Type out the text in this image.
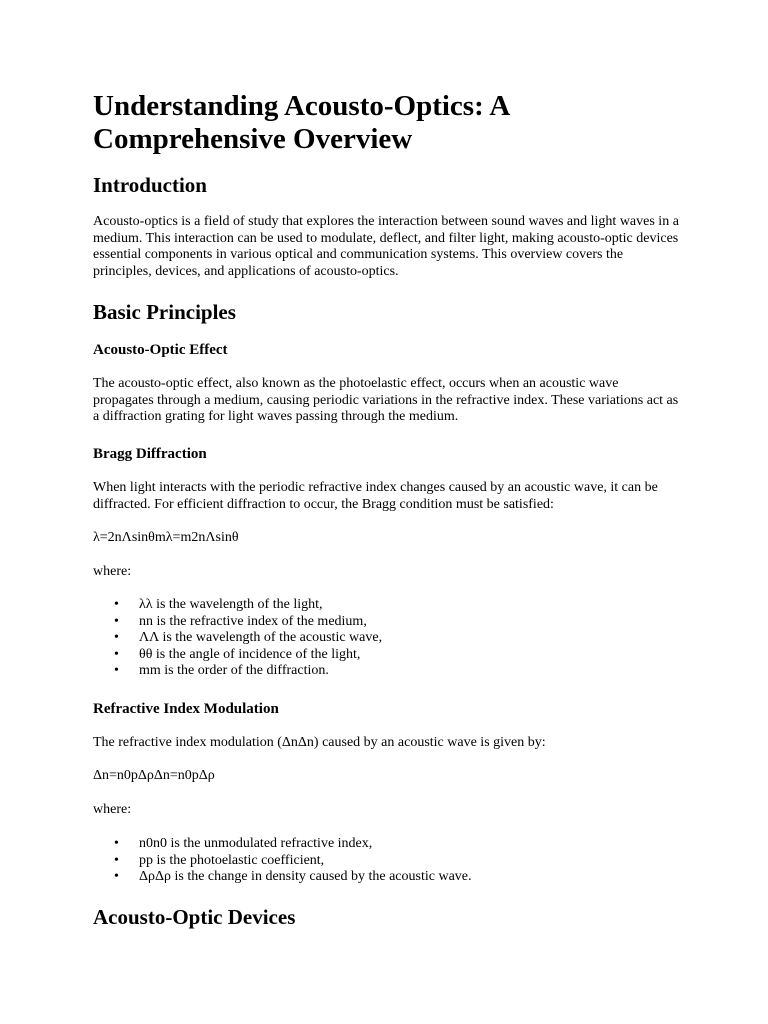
Understanding Acousto-Optics: A Comprehensive Overview
Introduction

Acousto-optics is a field of study that explores the interaction between sound waves and light waves in a medium. This interaction can be used to modulate, deflect, and filter light, making acousto-optic devices essential components in various optical and communication systems. This overview covers the principles, devices, and applications of acousto-optics.

Basic Principles
Acousto-Optic Effect

The acousto-optic effect, also known as the photoelastic effect, occurs when an acoustic wave propagates through a medium, causing periodic variations in the refractive index. These variations act as a diffraction grating for light waves passing through the medium.

Bragg Diffraction

When light interacts with the periodic refractive index changes caused by an acoustic wave, it can be diffracted. For efficient diffraction to occur, the Bragg condition must be satisfied:

λ=2nΛsinθmλ=m2nΛsinθ

where:

• λλ is the wavelength of the light,
• nn is the refractive index of the medium,
• ΛΛ is the wavelength of the acoustic wave,
• θθ is the angle of incidence of the light,
• mm is the order of the diffraction.
Refractive Index Modulation

The refractive index modulation (ΔnΔn) caused by an acoustic wave is given by:

Δn=n0pΔρΔn=n0pΔρ

where:

• n0n0 is the unmodulated refractive index,
• pp is the photoelastic coefficient,
• ΔρΔρ is the change in density caused by the acoustic wave.
Acousto-Optic Devices
